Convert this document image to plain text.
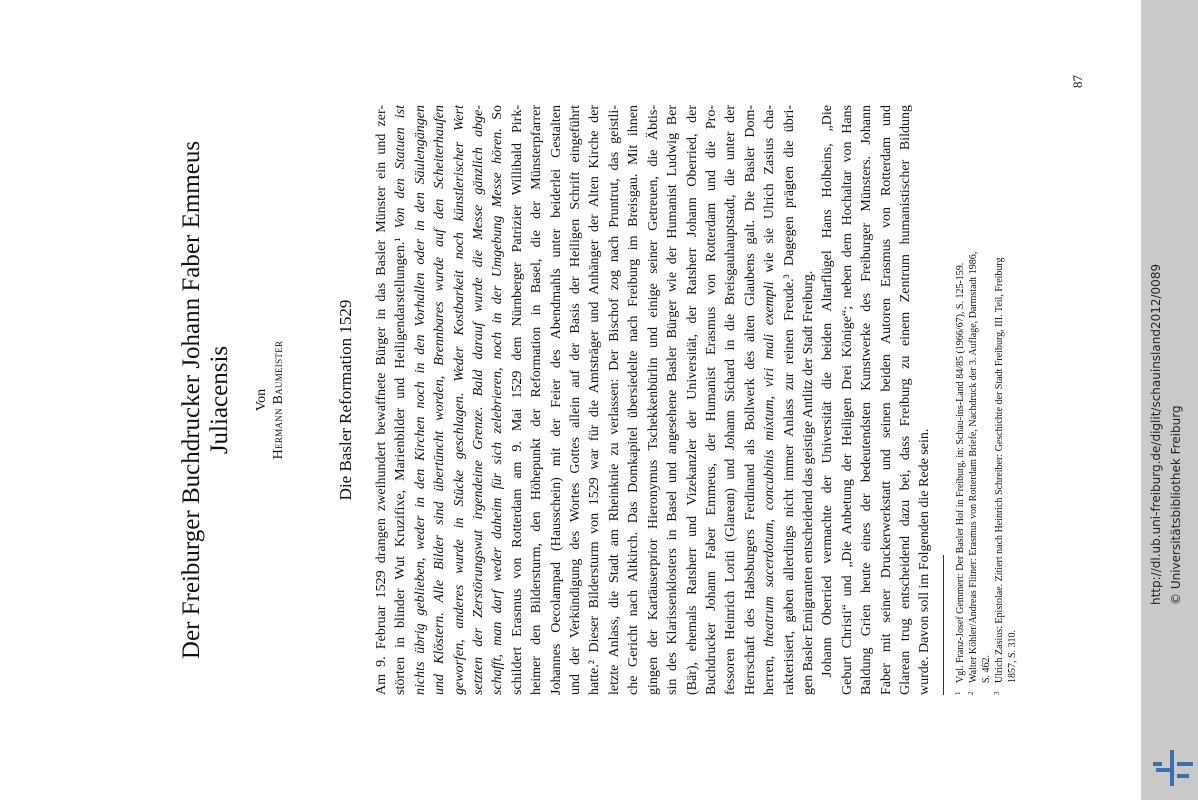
Der Freiburger Buchdrucker Johann Faber Emmeus Juliacensis Von
Hermann Baumeister	Die Basler Reformation 1529 Am 9. Februar 1529 drangen zweihundert bewaffnete Bürger in das Basler Münster ein und zer- störten in blinder Wut Kruzifixe, Marienbilder und Heiligendarstellungen.¹ Von den Statuen ist nichts übrig geblieben, weder in den Kirchen noch in den Vorhallen oder in den Säulengängen und Klöstern. Alle Bilder sind übertüncht worden, Brennbares wurde auf den Scheiterhaufen geworfen, anderes wurde in Stücke geschlagen. Weder Kostbarkeit noch künstlerischer Wert setzten der Zerstörungswut irgendeine Grenze. Bald darauf wurde die Messe gänzlich abge- schafft, man darf weder daheim für sich zelebrieren, noch in der Umgebung Messe hören. So schildert Erasmus von Rotterdam am 9. Mai 1529 dem Nürnberger Patrizier Willibald Pirk- heimer den Bildersturm, den Höhepunkt der Reformation in Basel, die der Münsterpfarrer Johannes Oecolampad (Hausschein) mit der Feier des Abendmahls unter beiderlei Gestalten und der Verkündigung des Wortes Gottes allein auf der Basis der Heiligen Schrift eingeführt hatte.² Dieser Bildersturm von 1529 war für die Amtsträger und Anhänger der Alten Kirche der letzte Anlass, die Stadt am Rheinknie zu verlassen: Der Bischof zog nach Pruntrut, das geistli- che Gericht nach Altkirch. Das Domkapitel übersiedelte nach Freiburg im Breisgau. Mit ihnen gingen der Kartäuserprior Hieronymus Tschekkenbürlin und einige seiner Getreuen, die Äbtis- sin des Klarissenklosters in Basel und angesehene Basler Bürger wie der Humanist Ludwig Ber (Bär), ehemals Ratsherr und Vizekanzler der Universität, der Ratsherr Johann Oberried, der Buchdrucker Johann Faber Emmeus, der Humanist Erasmus von Rotterdam und die Pro- fessoren Heinrich Loriti (Glarean) und Johann Sichard in die Breisgauhauptstadt, die unter der Herrschaft des Habsburgers Ferdinand als Bollwerk des alten Glaubens galt. Die Basler Dom- herren, theatrum sacerdotum, concubinis mixtum, viri mali exempli wie sie Ulrich Zasius cha- rakterisiert, gaben allerdings nicht immer Anlass zur reinen Freude.³ Dagegen prägten die übri- gen Basler Emigranten entscheidend das geistige Antlitz der Stadt Freiburg. Johann Oberried vermachte der Universität die beiden Altarflügel Hans Holbeins, „Die Geburt Christi“ und „Die Anbetung der Heiligen Drei Könige“; neben dem Hochaltar von Hans Baldung Grien heute eines der bedeutendsten Kunstwerke des Freiburger Münsters. Johann Faber mit seiner Druckerwerkstatt und seinen beiden Autoren Erasmus von Rotterdam und Glarean trug entscheidend dazu bei, dass Freiburg zu einem Zentrum humanistischer Bildung wurde. Davon soll im Folgenden die Rede sein.	1
Vgl. Franz-Josef Gemmert: Der Basler Hof in Freiburg, in: Schau-ins-Land 84/85 (1966/67), S. 125-159.
2
Walter Köhler/Andreas Flitner: Erasmus von Rotterdam Briefe, Nachdruck der 3. Auflage, Darmstadt 1986, S. 462.
3
Ulrich Zasius: Epistolae. Zitiert nach Heinrich Schreiber: Geschichte der Stadt Freiburg, III. Teil, Freiburg 1857, S. 310.
87
http://dl.ub.uni-freiburg.de/diglit/schauinsland2012/0089 © Universitätsbibliothek Freiburg
